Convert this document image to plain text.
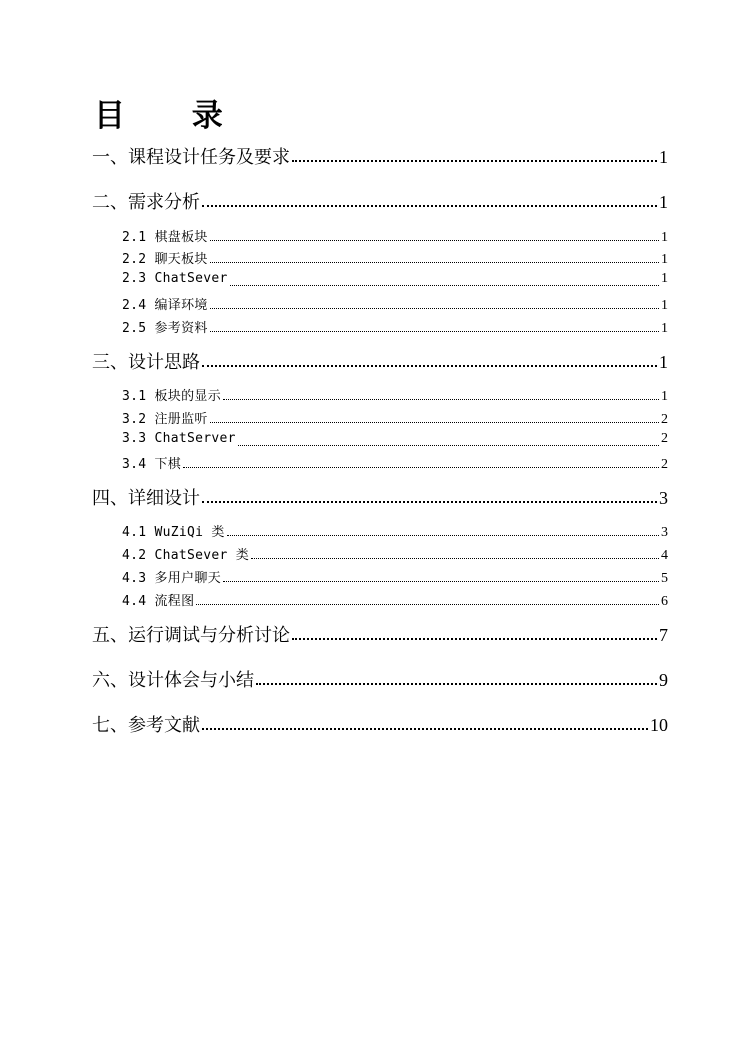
目 录
一、课程设计任务及要求	1
二、需求分析	1
2.1 棋盘板块	1
2.2 聊天板块	1
2.3 ChatSever	1
2.4 编译环境	1
2.5 参考资料	1
三、设计思路	1
3.1 板块的显示	1
3.2 注册监听	2
3.3 ChatServer	2
3.4 下棋	2
四、详细设计	3
4.1 WuZiQi 类	3
4.2 ChatSever 类	4
4.3 多用户聊天	5
4.4 流程图	6
五、运行调试与分析讨论	7
六、设计体会与小结	9
七、参考文献	10
